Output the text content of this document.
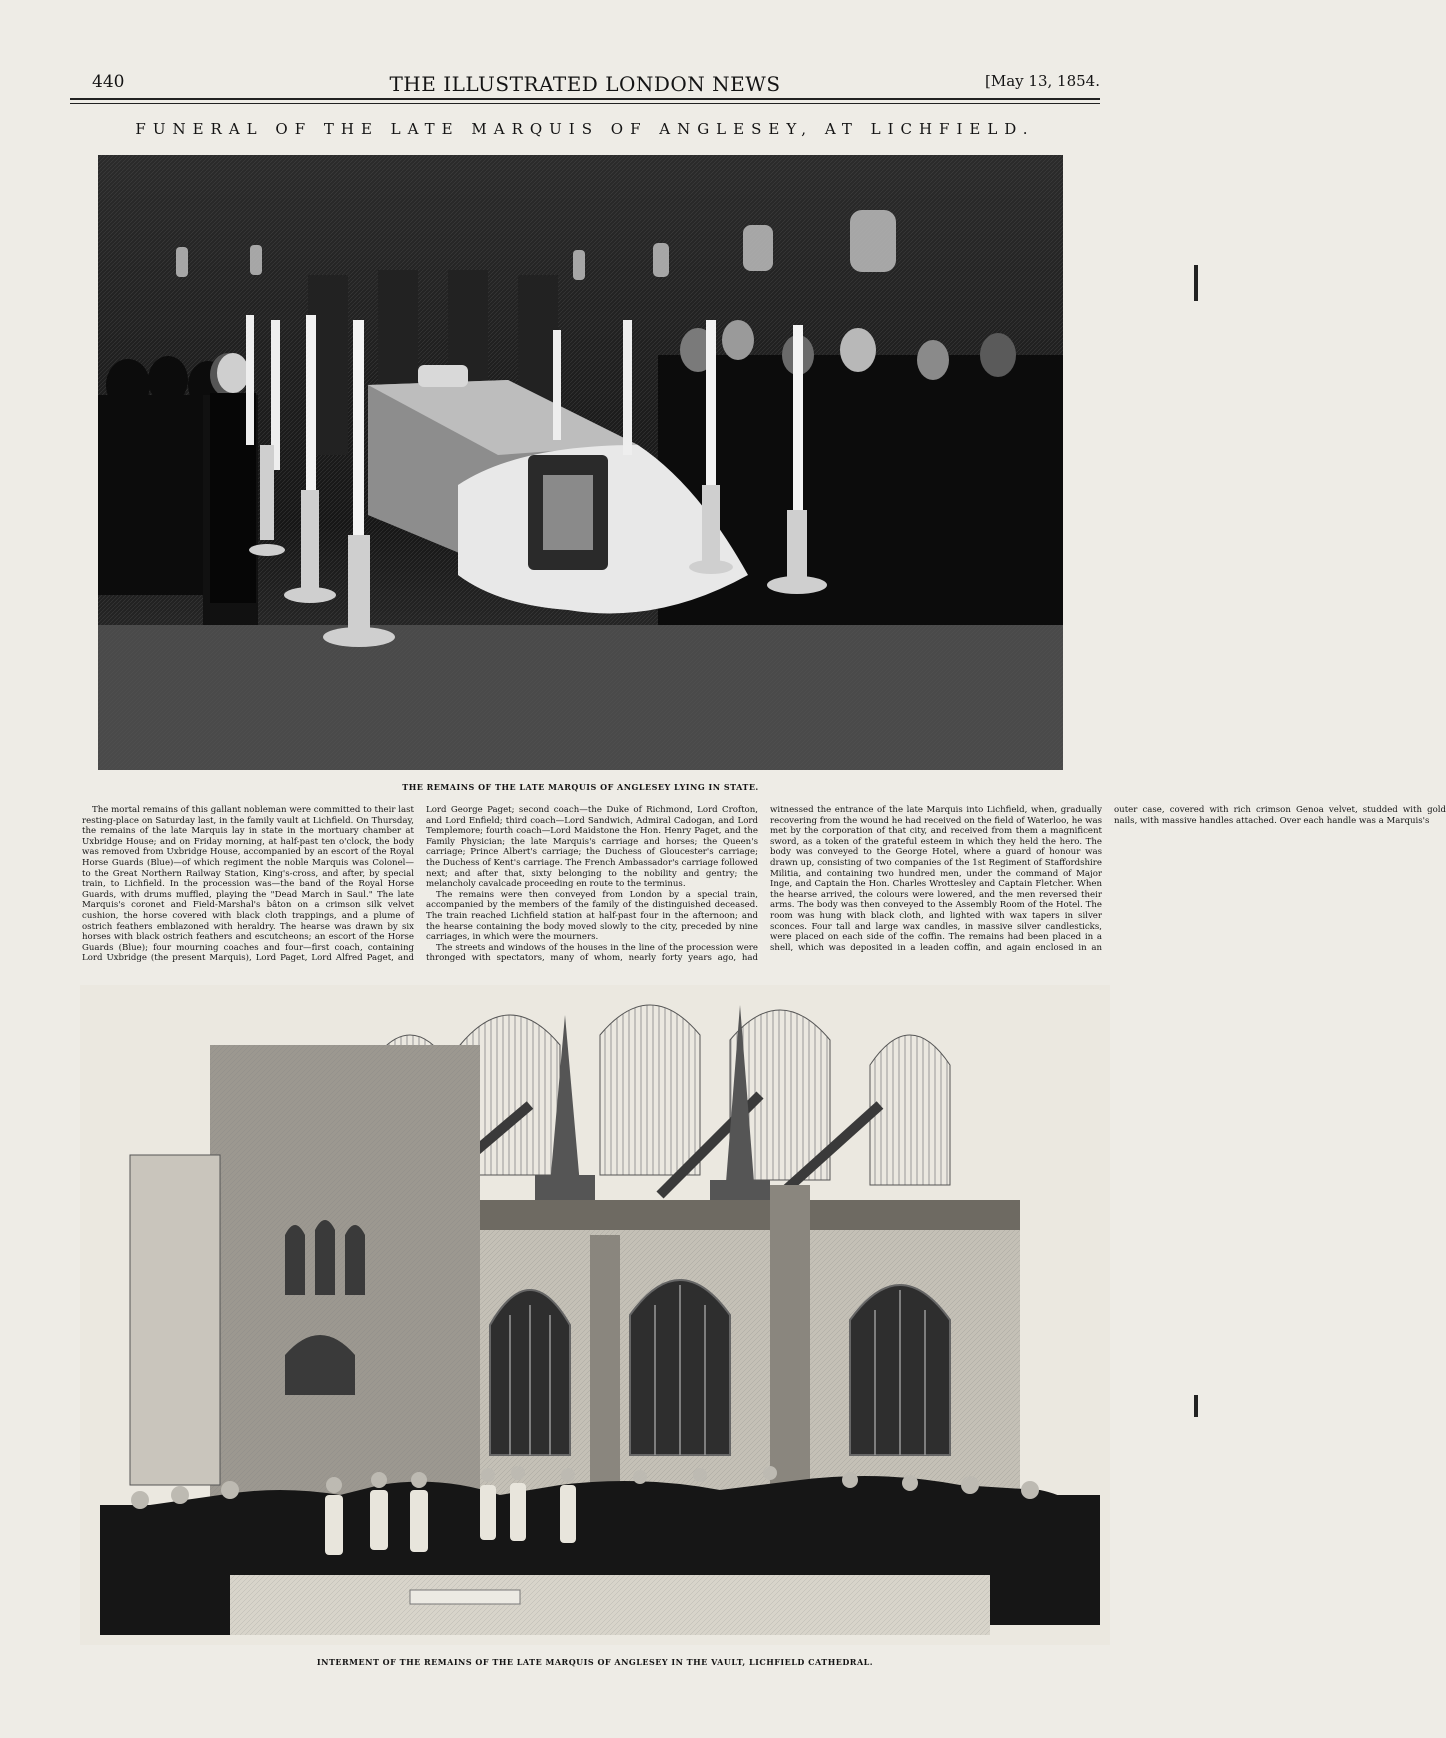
440	THE ILLUSTRATED LONDON NEWS	[May 13, 1854.
FUNERAL OF THE LATE MARQUIS OF ANGLESEY, AT LICHFIELD.
THE REMAINS OF THE LATE MARQUIS OF ANGLESEY LYING IN STATE.

The mortal remains of this gallant nobleman were committed to their last resting-place on Saturday last, in the family vault at Lichfield. On Thursday, the remains of the late Marquis lay in state in the mortuary chamber at Uxbridge House; and on Friday morning, at half-past ten o'clock, the body was removed from Uxbridge House, accompanied by an escort of the Royal Horse Guards (Blue)—of which regiment the noble Marquis was Colonel—to the Great Northern Railway Station, King's-cross, and after, by special train, to Lichfield. In the procession was—the band of the Royal Horse Guards, with drums muffled, playing the "Dead March in Saul." The late Marquis's coronet and Field-Marshal's bâton on a crimson silk velvet cushion, the horse covered with black cloth trappings, and a plume of ostrich feathers emblazoned with heraldry. The hearse was drawn by six horses with black ostrich feathers and escutcheons; an escort of the Horse Guards (Blue); four mourning coaches and four—first coach, containing Lord Uxbridge (the present Marquis), Lord Paget, Lord Alfred Paget, and Lord George Paget; second coach—the Duke of Richmond, Lord Crofton, and Lord Enfield; third coach—Lord Sandwich, Admiral Cadogan, and Lord Templemore; fourth coach—Lord Maidstone the Hon. Henry Paget, and the Family Physician; the late Marquis's carriage and horses; the Queen's carriage; Prince Albert's carriage; the Duchess of Gloucester's carriage; the Duchess of Kent's carriage. The French Ambassador's carriage followed next; and after that, sixty belonging to the nobility and gentry; the melancholy cavalcade proceeding en route to the terminus.

The remains were then conveyed from London by a special train, accompanied by the members of the family of the distinguished deceased. The train reached Lichfield station at half-past four in the afternoon; and the hearse containing the body moved slowly to the city, preceded by nine carriages, in which were the mourners.

The streets and windows of the houses in the line of the procession were thronged with spectators, many of whom, nearly forty years ago, had witnessed the entrance of the late Marquis into Lichfield, when, gradually recovering from the wound he had received on the field of Waterloo, he was met by the corporation of that city, and received from them a magnificent sword, as a token of the grateful esteem in which they held the hero. The body was conveyed to the George Hotel, where a guard of honour was drawn up, consisting of two companies of the 1st Regiment of Staffordshire Militia, and containing two hundred men, under the command of Major Inge, and Captain the Hon. Charles Wrottesley and Captain Fletcher. When the hearse arrived, the colours were lowered, and the men reversed their arms. The body was then conveyed to the Assembly Room of the Hotel. The room was hung with black cloth, and lighted with wax tapers in silver sconces. Four tall and large wax candles, in massive silver candlesticks, were placed on each side of the coffin. The remains had been placed in a shell, which was deposited in a leaden coffin, and again enclosed in an outer case, covered with rich crimson Genoa velvet, studded with gold nails, with massive handles attached. Over each handle was a Marquis's

INTERMENT OF THE REMAINS OF THE LATE MARQUIS OF ANGLESEY IN THE VAULT, LICHFIELD CATHEDRAL.
